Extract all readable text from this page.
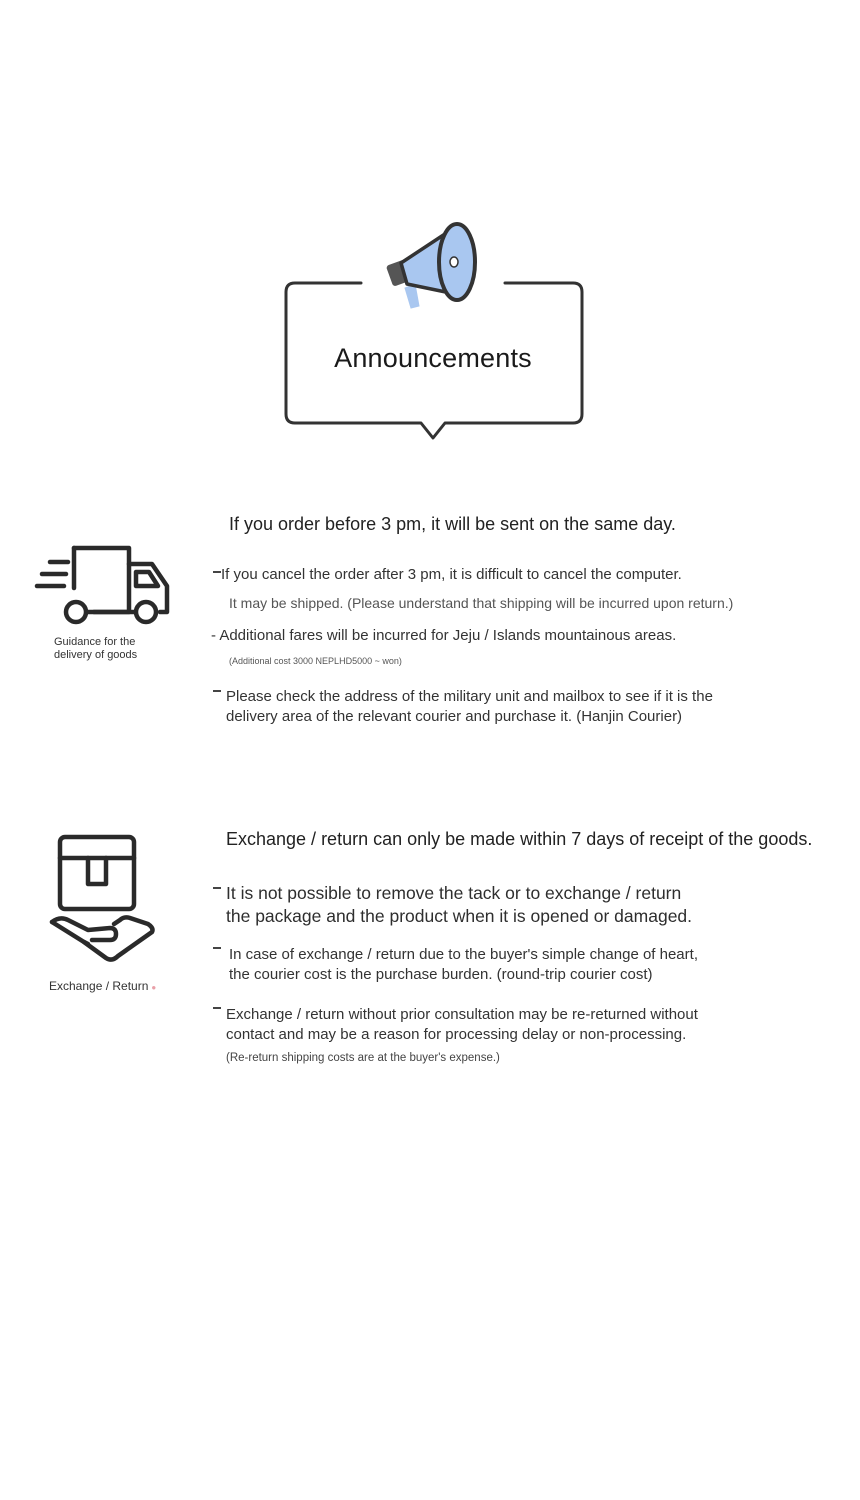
Announcements
Guidance for the
delivery of goods
If you order before 3 pm, it will be sent on the same day.
If you cancel the order after 3 pm, it is difficult to cancel the computer.
It may be shipped. (Please understand that shipping will be incurred upon return.)
- Additional fares will be incurred for Jeju / Islands mountainous areas.
(Additional cost 3000 NEPLHD5000 ~ won)
Please check the address of the military unit and mailbox to see if it is the
delivery area of the relevant courier and purchase it. (Hanjin Courier)
Exchange / Return ●
Exchange / return can only be made within 7 days of receipt of the goods.
It is not possible to remove the tack or to exchange / return
the package and the product when it is opened or damaged.
In case of exchange / return due to the buyer's simple change of heart,
the courier cost is the purchase burden. (round-trip courier cost)
Exchange / return without prior consultation may be re-returned without
contact and may be a reason for processing delay or non-processing.
(Re-return shipping costs are at the buyer's expense.)
